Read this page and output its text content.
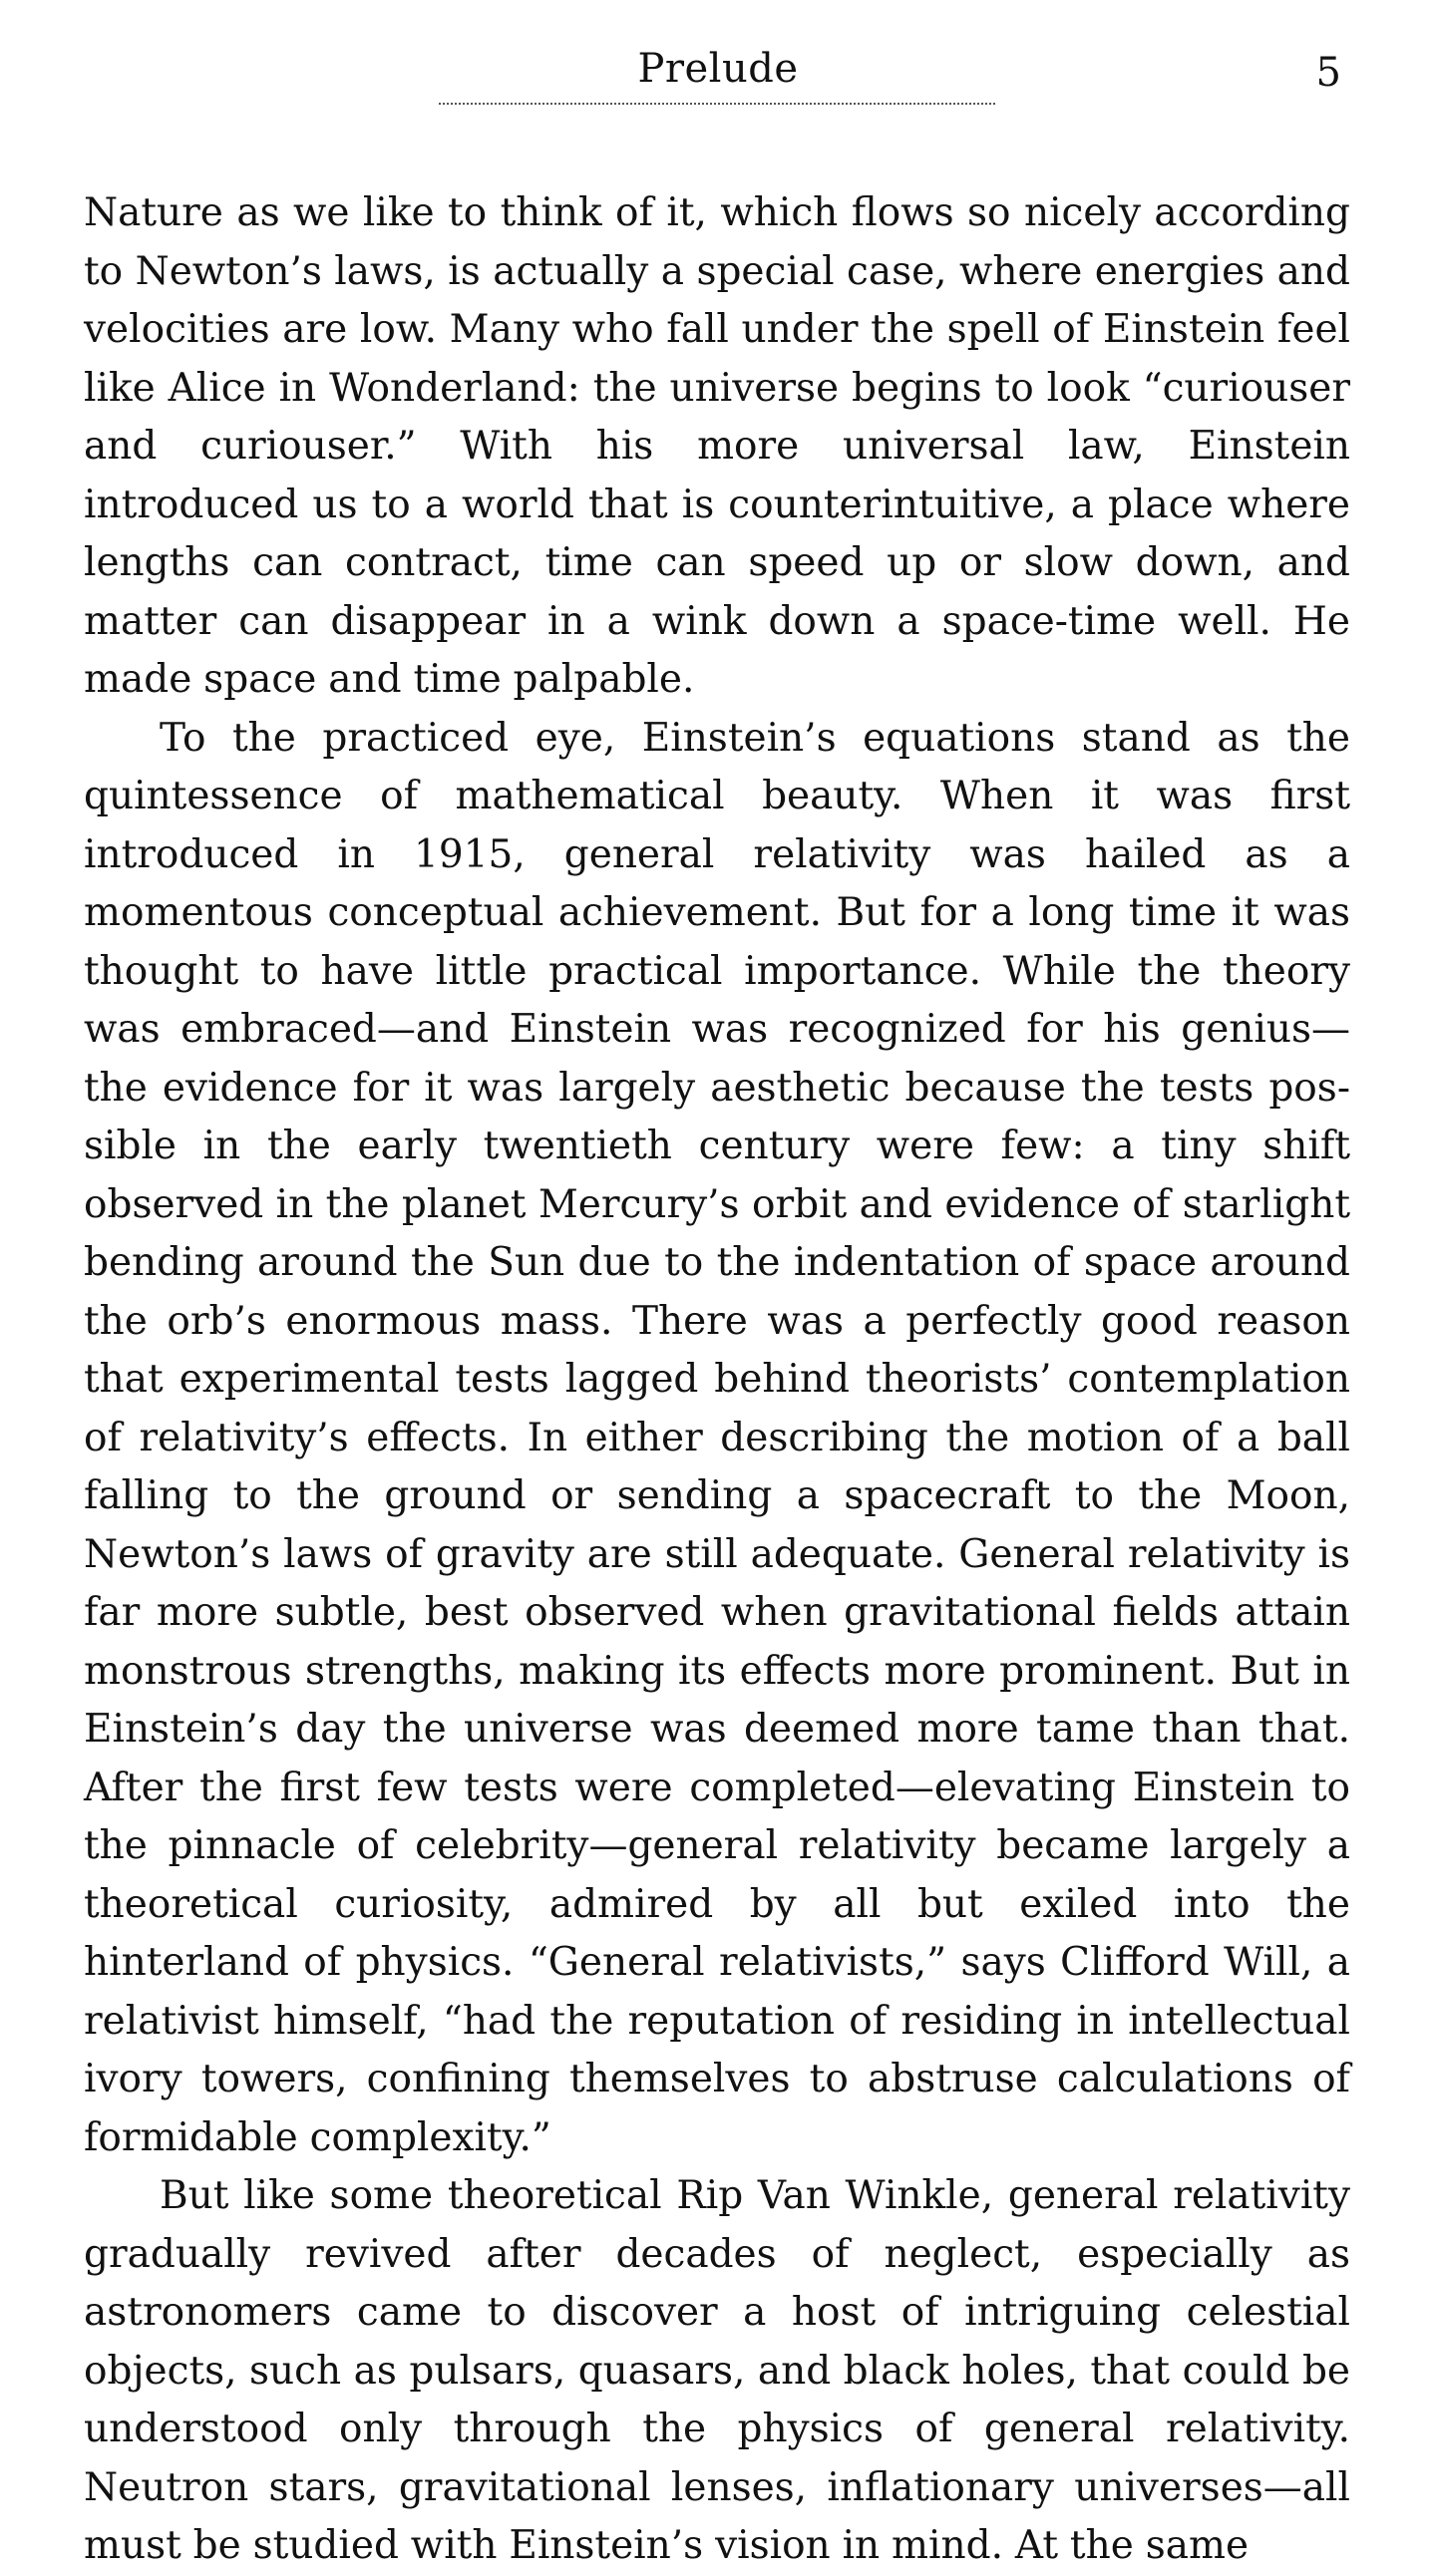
Prelude	5

Nature as we like to think of it, which flows so nicely according to Newton’s laws, is actually a special case, where energies and velocities are low. Many who fall under the spell of Einstein feel like Alice in Wonderland: the universe begins to look “curiouser and curiouser.” With his more universal law, Einstein introduced us to a world that is counterintuitive, a place where lengths can contract, time can speed up or slow down, and matter can disappear in a wink down a space-time well. He made space and time palpable.

To the practiced eye, Einstein’s equations stand as the quintessence of mathematical beauty. When it was first introduced in 1915, general relativity was hailed as a momentous conceptual achievement. But for a long time it was thought to have little practical importance. While the theory was embraced—and Einstein was recognized for his genius—the evidence for it was largely aesthetic because the tests possible in the early twentieth century were few: a tiny shift observed in the planet Mercury’s orbit and evidence of starlight bending around the Sun due to the indentation of space around the orb’s enormous mass. There was a perfectly good reason that experimental tests lagged behind theorists’ contemplation of relativity’s effects. In either describing the motion of a ball falling to the ground or sending a spacecraft to the Moon, Newton’s laws of gravity are still adequate. General relativity is far more subtle, best observed when gravitational fields attain monstrous strengths, making its effects more prominent. But in Einstein’s day the universe was deemed more tame than that. After the first few tests were completed—elevating Einstein to the pinnacle of celebrity—general relativity became largely a theoretical curiosity, admired by all but exiled into the hinterland of physics. “General relativists,” says Clifford Will, a relativist himself, “had the reputation of residing in intellectual ivory towers, confining themselves to abstruse calculations of formidable complexity.”

But like some theoretical Rip Van Winkle, general relativity gradually revived after decades of neglect, especially as astronomers came to discover a host of intriguing celestial objects, such as pulsars, quasars, and black holes, that could be understood only through the physics of general relativity. Neutron stars, gravitational lenses, inflationary universes—all must be studied with Einstein’s vision in mind. At the same
